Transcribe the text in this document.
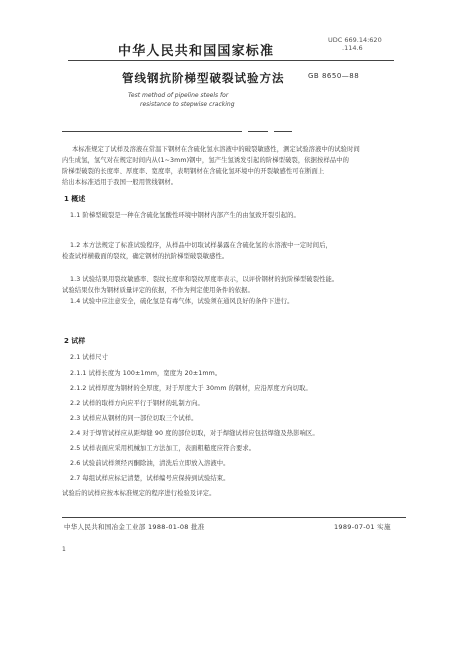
中华人民共和国国家标准
UDC 669.14:620
.114.6
管线钢抗阶梯型破裂试验方法	GB 8650—88
Test method of pipeline steels for
resistance to stepwise cracking
本标准规定了试样及溶液在常温下钢材在含硫化氢水溶液中的破裂敏感性，测定试验溶液中的试验时间
内生成氢，氢气对在规定时间内从(1~3mm)钢中，氢产生氢诱发引起的阶梯型破裂，依据按样品中的
阶梯型破裂的长度率、厚度率、宽度率，表明钢材在含硫化氢环境中的开裂敏感性可在断面上
给出本标准适用于我国一般用管线钢材。
1 概述
1.1 阶梯型破裂是一种在含硫化氢酸性环境中钢材内部产生的由氢致开裂引起的。
1.2 本方法规定了标准试验程序，从样品中切取试样暴露在含硫化氢的水溶液中一定时间后，
检查试样横截面的裂纹，确定钢材的抗阶梯型破裂敏感性。
1.3 试验结果用裂纹敏感率、裂纹长度率和裂纹厚度率表示，以评价钢材的抗阶梯型破裂性能。
试验结果仅作为钢材质量评定的依据，不作为判定使用条件的依据。
1.4 试验中应注意安全，硫化氢是有毒气体，试验须在通风良好的条件下进行。
2 试样
2.1 试样尺寸
2.1.1 试样长度为 100±1mm，宽度为 20±1mm。
2.1.2 试样厚度为钢材的全厚度，对于厚度大于 30mm 的钢材，应沿厚度方向切取。
2.2 试样的取样方向应平行于钢材的轧制方向。
2.3 试样应从钢材的同一部位切取三个试样。
2.4 对于焊管试样应从距焊缝 90 度的部位切取，对于焊缝试样应包括焊缝及热影响区。
2.5 试样表面应采用机械加工方法加工，表面粗糙度应符合要求。
2.6 试验前试样须经丙酮除油，清洗后立即放入溶液中。
2.7 每组试样应标记清楚，试样编号应保持到试验结束。
试验后的试样应按本标准规定的程序进行检验及评定。
中华人民共和国冶金工业部 1988-01-08 批准	1989-07-01 实施
1
